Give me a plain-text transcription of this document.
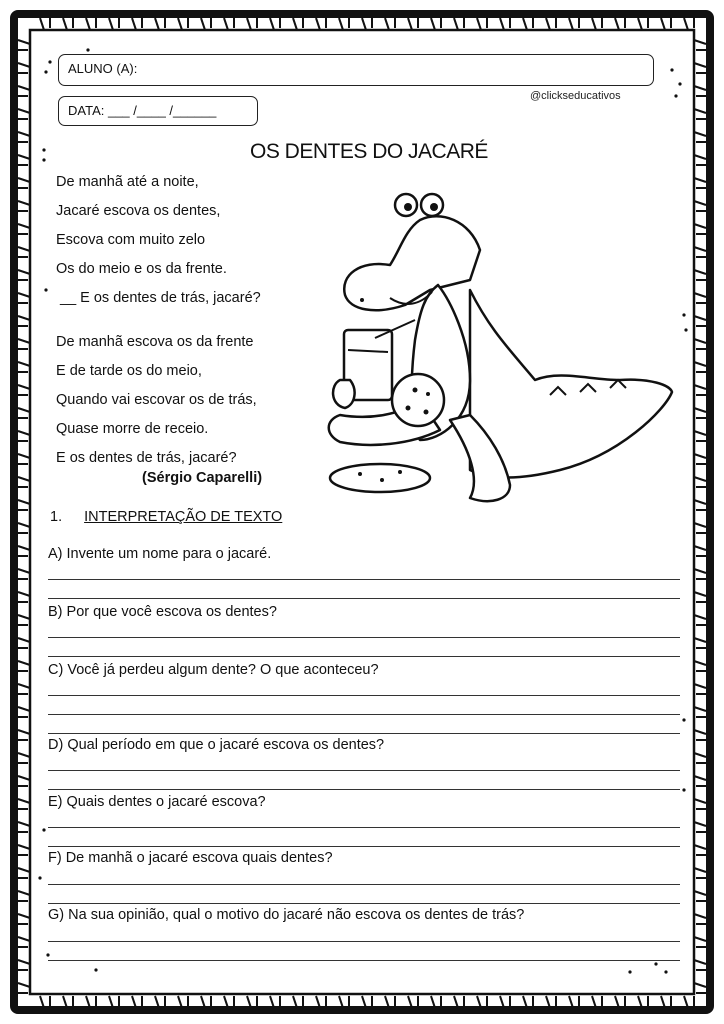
ALUNO (A):
DATA: ___ /____ /______
@clickseducativos
OS DENTES DO JACARÉ
De manhã até a noite,
Jacaré escova os dentes,
Escova com muito zelo
Os do meio e os da frente.
__ E os dentes de trás, jacaré?
De manhã escova os da frente
E de tarde os do meio,
Quando vai escovar os de trás,
Quase morre de receio.
E os dentes de trás, jacaré?
(Sérgio Caparelli)
1. INTERPRETAÇÃO DE TEXTO
A) Invente um nome para o jacaré.
B) Por que você escova os dentes?
C) Você já perdeu algum dente? O que aconteceu?
D) Qual período em que o jacaré escova os dentes?
E) Quais dentes o jacaré escova?
F) De manhã o jacaré escova quais dentes?
G) Na sua opinião, qual o motivo do jacaré não escova os dentes de trás?
